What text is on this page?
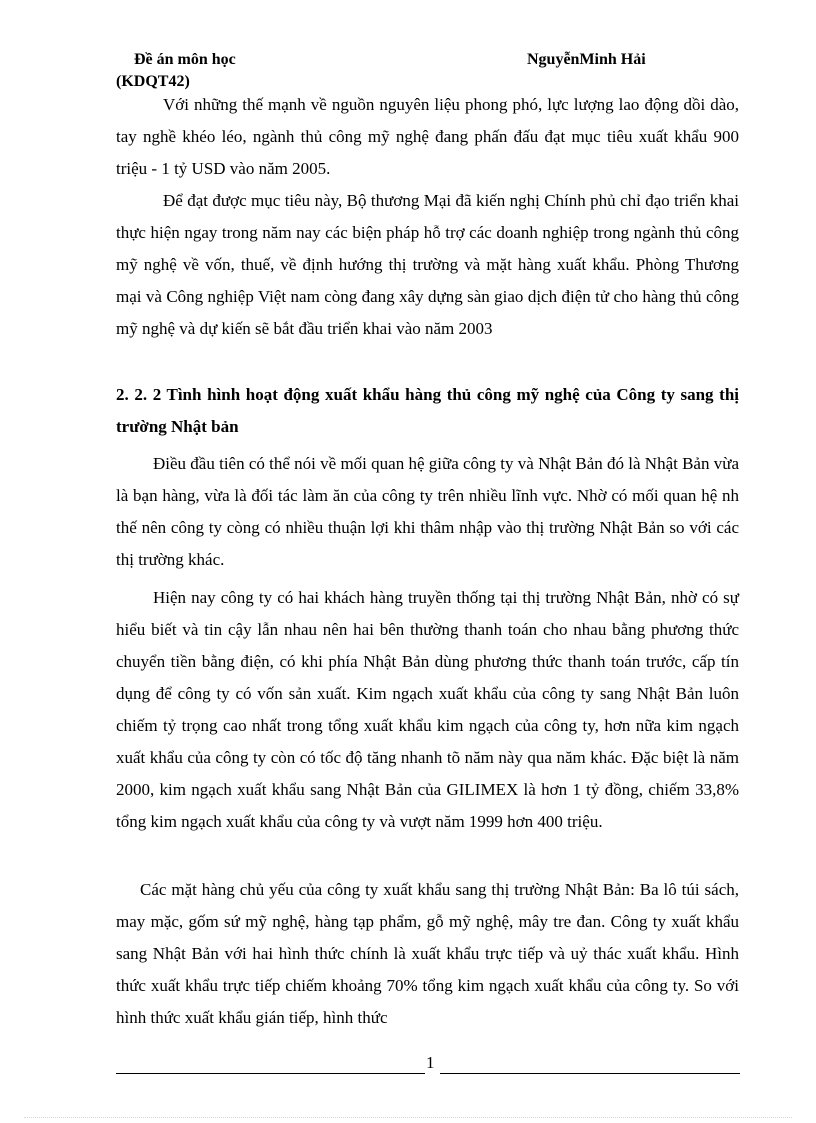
Đề án môn học	NguyễnMinh Hải
(KDQT42)

Với những thế mạnh về nguồn nguyên liệu phong phó, lực lượng lao động dồi dào, tay nghề khéo léo, ngành thủ công mỹ nghệ đang phấn đấu đạt mục tiêu xuất khẩu 900 triệu - 1 tỷ USD vào năm 2005.

Để đạt được mục tiêu này, Bộ thương Mại đã kiến nghị Chính phủ chỉ đạo triển khai thực hiện ngay trong năm nay các biện pháp hỗ trợ các doanh nghiệp trong ngành thủ công mỹ nghệ về vốn, thuế, về định hướng thị trường và mặt hàng xuất khẩu. Phòng Thương mại và Công nghiệp Việt nam còng đang xây dựng sàn giao dịch điện tử cho hàng thủ công mỹ nghệ và dự kiến sẽ bắt đầu triển khai vào năm 2003

2. 2. 2 Tình hình hoạt động xuất khẩu hàng thủ công mỹ nghệ của Công ty sang thị trường Nhật bản

Điều đầu tiên có thể nói về mối quan hệ giữa công ty và Nhật Bản đó là Nhật Bản vừa là bạn hàng, vừa là đối tác làm ăn của công ty trên nhiều lĩnh vực. Nhờ có mối quan hệ nh thế nên công ty còng có nhiều thuận lợi khi thâm nhập vào thị trường Nhật Bản so với các thị trường khác.

Hiện nay công ty có hai khách hàng truyền thống tại thị trường Nhật Bản, nhờ có sự hiểu biết và tin cậy lẫn nhau nên hai bên thường thanh toán cho nhau bằng phương thức chuyển tiền bằng điện, có khi phía Nhật Bản dùng phương thức thanh toán trước, cấp tín dụng để công ty có vốn sản xuất. Kim ngạch xuất khẩu của công ty sang Nhật Bản luôn chiếm tỷ trọng cao nhất trong tổng xuất khẩu kim ngạch của công ty, hơn nữa kim ngạch xuất khẩu của công ty còn có tốc độ tăng nhanh tõ năm này qua năm khác. Đặc biệt là năm 2000, kim ngạch xuất khẩu sang Nhật Bản của GILIMEX là hơn 1 tỷ đồng, chiếm 33,8% tổng kim ngạch xuất khẩu của công ty và vượt năm 1999 hơn 400 triệu.

Các mặt hàng chủ yếu của công ty xuất khẩu sang thị trường Nhật Bản: Ba lô túi sách, may mặc, gốm sứ mỹ nghệ, hàng tạp phẩm, gỗ mỹ nghệ, mây tre đan. Công ty xuất khẩu sang Nhật Bản với hai hình thức chính là xuất khẩu trực tiếp và uỷ thác xuất khẩu. Hình thức xuất khẩu trực tiếp chiếm khoảng 70% tổng kim ngạch xuất khẩu của công ty. So với hình thức xuất khẩu gián tiếp, hình thức

1
